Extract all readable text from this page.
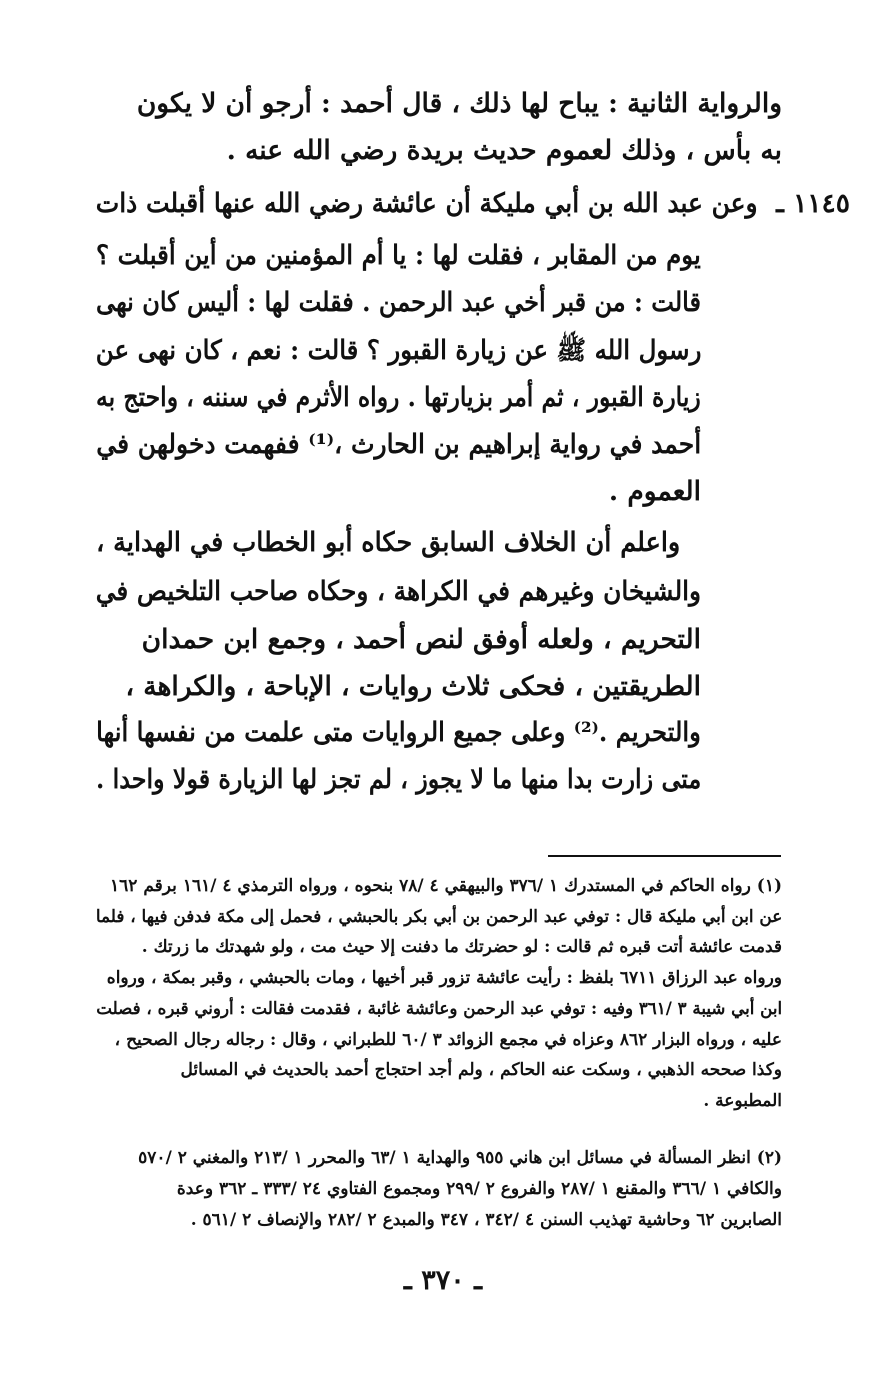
والرواية الثانية : يباح لها ذلك ، قال أحمد : أرجو أن لا يكون
به بأس ، وذلك لعموم حديث بريدة رضي الله عنه .
١١٤٥ ـ
وعن عبد الله بن أبي مليكة أن عائشة رضي الله عنها أقبلت ذات
يوم من المقابر ، فقلت لها : يا أم المؤمنين من أين أقبلت ؟
قالت : من قبر أخي عبد الرحمن . فقلت لها : أليس كان نهى
رسول الله ﷺ عن زيارة القبور ؟ قالت : نعم ، كان نهى عن
زيارة القبور ، ثم أمر بزيارتها . رواه الأثرم في سننه ، واحتج به
أحمد في رواية إبراهيم بن الحارث ،⁽¹⁾ ففهمت دخولهن في
العموم .
واعلم أن الخلاف السابق حكاه أبو الخطاب في الهداية ،
والشيخان وغيرهم في الكراهة ، وحكاه صاحب التلخيص في
التحريم ، ولعله أوفق لنص أحمد ، وجمع ابن حمدان
الطريقتين ، فحكى ثلاث روايات ، الإباحة ، والكراهة ،
والتحريم .⁽²⁾ وعلى جميع الروايات متى علمت من نفسها أنها
متى زارت بدا منها ما لا يجوز ، لم تجز لها الزيارة قولا واحدا .
(١) رواه الحاكم في المستدرك ١ /٣٧٦ والبيهقي ٤ /٧٨ بنحوه ، ورواه الترمذي ٤ /١٦١ برقم ١٦٢
عن ابن أبي مليكة قال : توفي عبد الرحمن بن أبي بكر بالحبشي ، فحمل إلى مكة فدفن فيها ، فلما
قدمت عائشة أتت قبره ثم قالت : لو حضرتك ما دفنت إلا حيث مت ، ولو شهدتك ما زرتك .
ورواه عبد الرزاق ٦٧١١ بلفظ : رأيت عائشة تزور قبر أخيها ، ومات بالحبشي ، وقبر بمكة ، ورواه
ابن أبي شيبة ٣ /٣٦١ وفيه : توفي عبد الرحمن وعائشة غائبة ، فقدمت فقالت : أروني قبره ، فصلت
عليه ، ورواه البزار ٨٦٢ وعزاه في مجمع الزوائد ٣ /٦٠ للطبراني ، وقال : رجاله رجال الصحيح ،
وكذا صححه الذهبي ، وسكت عنه الحاكم ، ولم أجد احتجاج أحمد بالحديث في المسائل
المطبوعة .
(٢) انظر المسألة في مسائل ابن هاني ٩٥٥ والهداية ١ /٦٣ والمحرر ١ /٢١٣ والمغني ٢ /٥٧٠
والكافي ١ /٣٦٦ والمقنع ١ /٢٨٧ والفروع ٢ /٢٩٩ ومجموع الفتاوي ٢٤ /٣٣٣ ـ ٣٦٢ وعدة
الصابرين ٦٢ وحاشية تهذيب السنن ٤ /٣٤٢ ، ٣٤٧ والمبدع ٢ /٢٨٢ والإنصاف ٢ /٥٦١ .
ـ ٣٧٠ ـ
